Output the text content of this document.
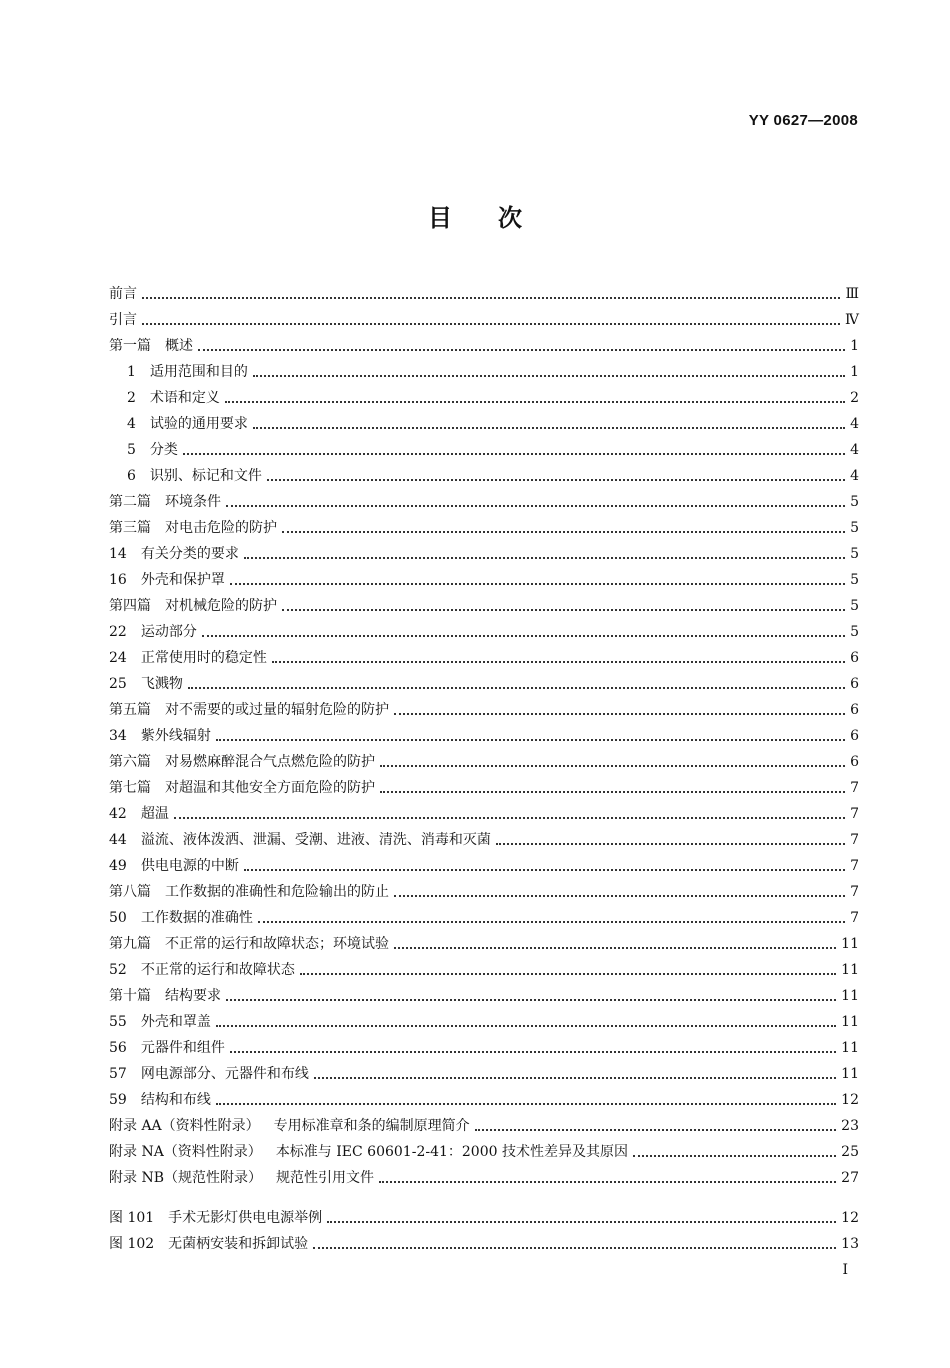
YY 0627—2008
目次
前言	Ⅲ
引言	Ⅳ
第一篇 概述	1
1 适用范围和目的	1
2 术语和定义	2
4 试验的通用要求	4
5 分类	4
6 识别、标记和文件	4
第二篇 环境条件	5
第三篇 对电击危险的防护	5
14 有关分类的要求	5
16 外壳和保护罩	5
第四篇 对机械危险的防护	5
22 运动部分	5
24 正常使用时的稳定性	6
25 飞溅物	6
第五篇 对不需要的或过量的辐射危险的防护	6
34 紫外线辐射	6
第六篇 对易燃麻醉混合气点燃危险的防护	6
第七篇 对超温和其他安全方面危险的防护	7
42 超温	7
44 溢流、液体泼洒、泄漏、受潮、进液、清洗、消毒和灭菌	7
49 供电电源的中断	7
第八篇 工作数据的准确性和危险输出的防止	7
50 工作数据的准确性	7
第九篇 不正常的运行和故障状态；环境试验	11
52 不正常的运行和故障状态	11
第十篇 结构要求	11
55 外壳和罩盖	11
56 元器件和组件	11
57 网电源部分、元器件和布线	11
59 结构和布线	12
附录 AA（资料性附录） 专用标准章和条的编制原理简介	23
附录 NA（资料性附录） 本标准与 IEC 60601-2-41：2000 技术性差异及其原因	25
附录 NB（规范性附录） 规范性引用文件	27
图 101 手术无影灯供电电源举例	12
图 102 无菌柄安装和拆卸试验	13
I
